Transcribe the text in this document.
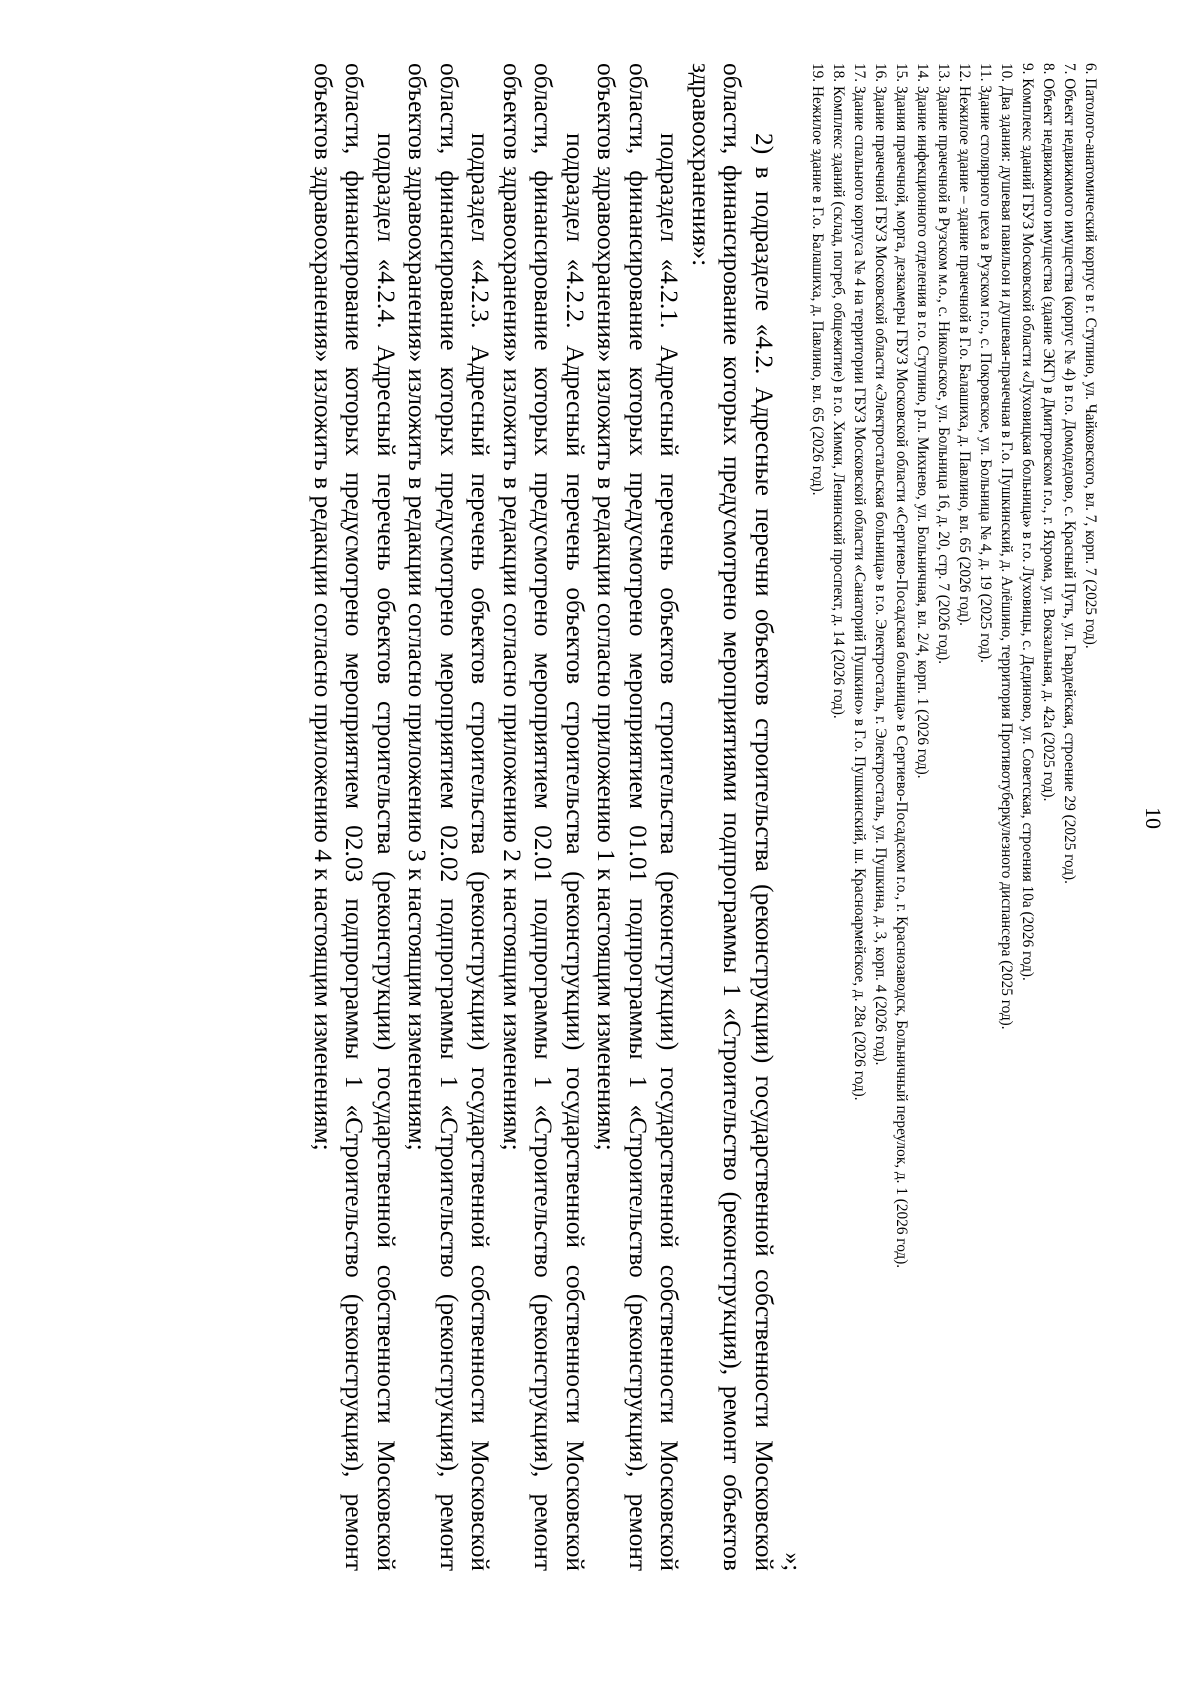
10
6. Патолого-анатомический корпус в г. Ступино, ул. Чайковского, вл. 7, корп. 7 (2025 год).
7. Объект недвижимого имущества (корпус № 4) в г.о. Домодедово, с. Красный Путь, ул. Гвардейская, строение 29 (2025 год).
8. Объект недвижимого имущества (здание ЭКГ) в Дмитровском г.о., г. Яхрома, ул. Вокзальная, д. 42а (2025 год).
9. Комплекс зданий ГБУЗ Московской области «Луховицкая больница» в г.о. Луховицы, с. Дединово, ул. Советская, строения 10а (2026 год).
10. Два здания: душевая павильон и душевая-прачечная в Г.о. Пушкинский, д. Алёшино, территория Противотуберкулезного диспансера (2025 год).
11. Здание столярного цеха в Рузском г.о., с. Покровское, ул. Больница № 4, д. 19 (2025 год).
12. Нежилое здание – здание прачечной в Г.о. Балашиха, д. Павлино, вл. 65 (2026 год).
13. Здание прачечной в Рузском м.о., с. Никольское, ул. Больница 16, д. 20, стр. 7 (2026 год).
14. Здание инфекционного отделения в г.о. Ступино, р.п. Михнево, ул. Больничная, вл. 2/4, корп. 1 (2026 год).
15. Здания прачечной, морга, дезкамеры ГБУЗ Московской области «Сергиево-Посадская больница» в Сергиево-Посадском г.о., г. Краснозаводск, Больничный переулок, д. 1 (2026 год).
16. Здание прачечной ГБУЗ Московской области «Электростальская больница» в г.о. Электросталь, г. Электросталь, ул. Пушкина, д. 3, корп. 4 (2026 год).
17. Здание спального корпуса № 4 на территории ГБУЗ Московской области «Санаторий Пушкино» в Г.о. Пушкинский, ш. Красноармейское, д. 28а (2026 год).
18. Комплекс зданий (склад, погреб, общежитие) в г.о. Химки, Ленинский проспект, д. 14 (2026 год).
19. Нежилое здание в Г.о. Балашиха, д. Павлино, вл. 65 (2026 год).
»;

2) в подразделе «4.2. Адресные перечни объектов строительства (реконструкции) государственной собственности Московской области, финансирование которых предусмотрено мероприятиями подпрограммы 1 «Строительство (реконструкция), ремонт объектов здравоохранения»:

подраздел «4.2.1. Адресный перечень объектов строительства (реконструкции) государственной собственности Московской области, финансирование которых предусмотрено мероприятием 01.01 подпрограммы 1 «Строительство (реконструкция), ремонт объектов здравоохранения» изложить в редакции согласно приложению 1 к настоящим изменениям;

подраздел «4.2.2. Адресный перечень объектов строительства (реконструкции) государственной собственности Московской области, финансирование которых предусмотрено мероприятием 02.01 подпрограммы 1 «Строительство (реконструкция), ремонт объектов здравоохранения» изложить в редакции согласно приложению 2 к настоящим изменениям;

подраздел «4.2.3. Адресный перечень объектов строительства (реконструкции) государственной собственности Московской области, финансирование которых предусмотрено мероприятием 02.02 подпрограммы 1 «Строительство (реконструкция), ремонт объектов здравоохранения» изложить в редакции согласно приложению 3 к настоящим изменениям;

подраздел «4.2.4. Адресный перечень объектов строительства (реконструкции) государственной собственности Московской области, финансирование которых предусмотрено мероприятием 02.03 подпрограммы 1 «Строительство (реконструкция), ремонт объектов здравоохранения» изложить в редакции согласно приложению 4 к настоящим изменениям;
